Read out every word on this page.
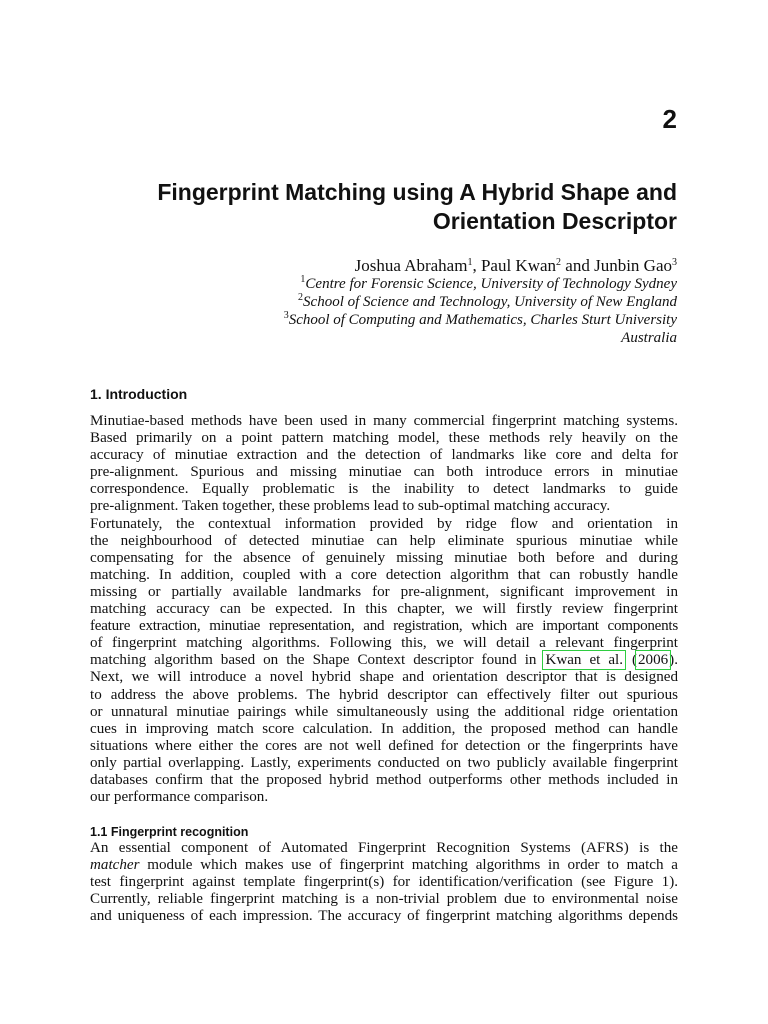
2
Fingerprint Matching using A Hybrid Shape and
Orientation Descriptor
Joshua Abraham$^1$, Paul Kwan$^2$ and Junbin Gao$^3$
$^1$Centre for Forensic Science, University of Technology Sydney
$^2$School of Science and Technology, University of New England
$^3$School of Computing and Mathematics, Charles Sturt University
Australia
1. Introduction
Minutiae-based methods have been used in many commercial fingerprint matching systems.
Based primarily on a point pattern matching model, these methods rely heavily on the
accuracy of minutiae extraction and the detection of landmarks like core and delta for
pre-alignment. Spurious and missing minutiae can both introduce errors in minutiae
correspondence. Equally problematic is the inability to detect landmarks to guide
pre-alignment. Taken together, these problems lead to sub-optimal matching accuracy.
Fortunately, the contextual information provided by ridge flow and orientation in
the neighbourhood of detected minutiae can help eliminate spurious minutiae while
compensating for the absence of genuinely missing minutiae both before and during
matching. In addition, coupled with a core detection algorithm that can robustly handle
missing or partially available landmarks for pre-alignment, significant improvement in
matching accuracy can be expected. In this chapter, we will firstly review fingerprint
feature extraction, minutiae representation, and registration, which are important components
of fingerprint matching algorithms. Following this, we will detail a relevant fingerprint
matching algorithm based on the Shape Context descriptor found in Kwan et al. (2006).
Next, we will introduce a novel hybrid shape and orientation descriptor that is designed
to address the above problems. The hybrid descriptor can effectively filter out spurious
or unnatural minutiae pairings while simultaneously using the additional ridge orientation
cues in improving match score calculation. In addition, the proposed method can handle
situations where either the cores are not well defined for detection or the fingerprints have
only partial overlapping. Lastly, experiments conducted on two publicly available fingerprint
databases confirm that the proposed hybrid method outperforms other methods included in
our performance comparison.
1.1 Fingerprint recognition
An essential component of Automated Fingerprint Recognition Systems (AFRS) is the
matcher module which makes use of fingerprint matching algorithms in order to match a
test fingerprint against template fingerprint(s) for identification/verification (see Figure 1).
Currently, reliable fingerprint matching is a non-trivial problem due to environmental noise
and uniqueness of each impression. The accuracy of fingerprint matching algorithms depends
